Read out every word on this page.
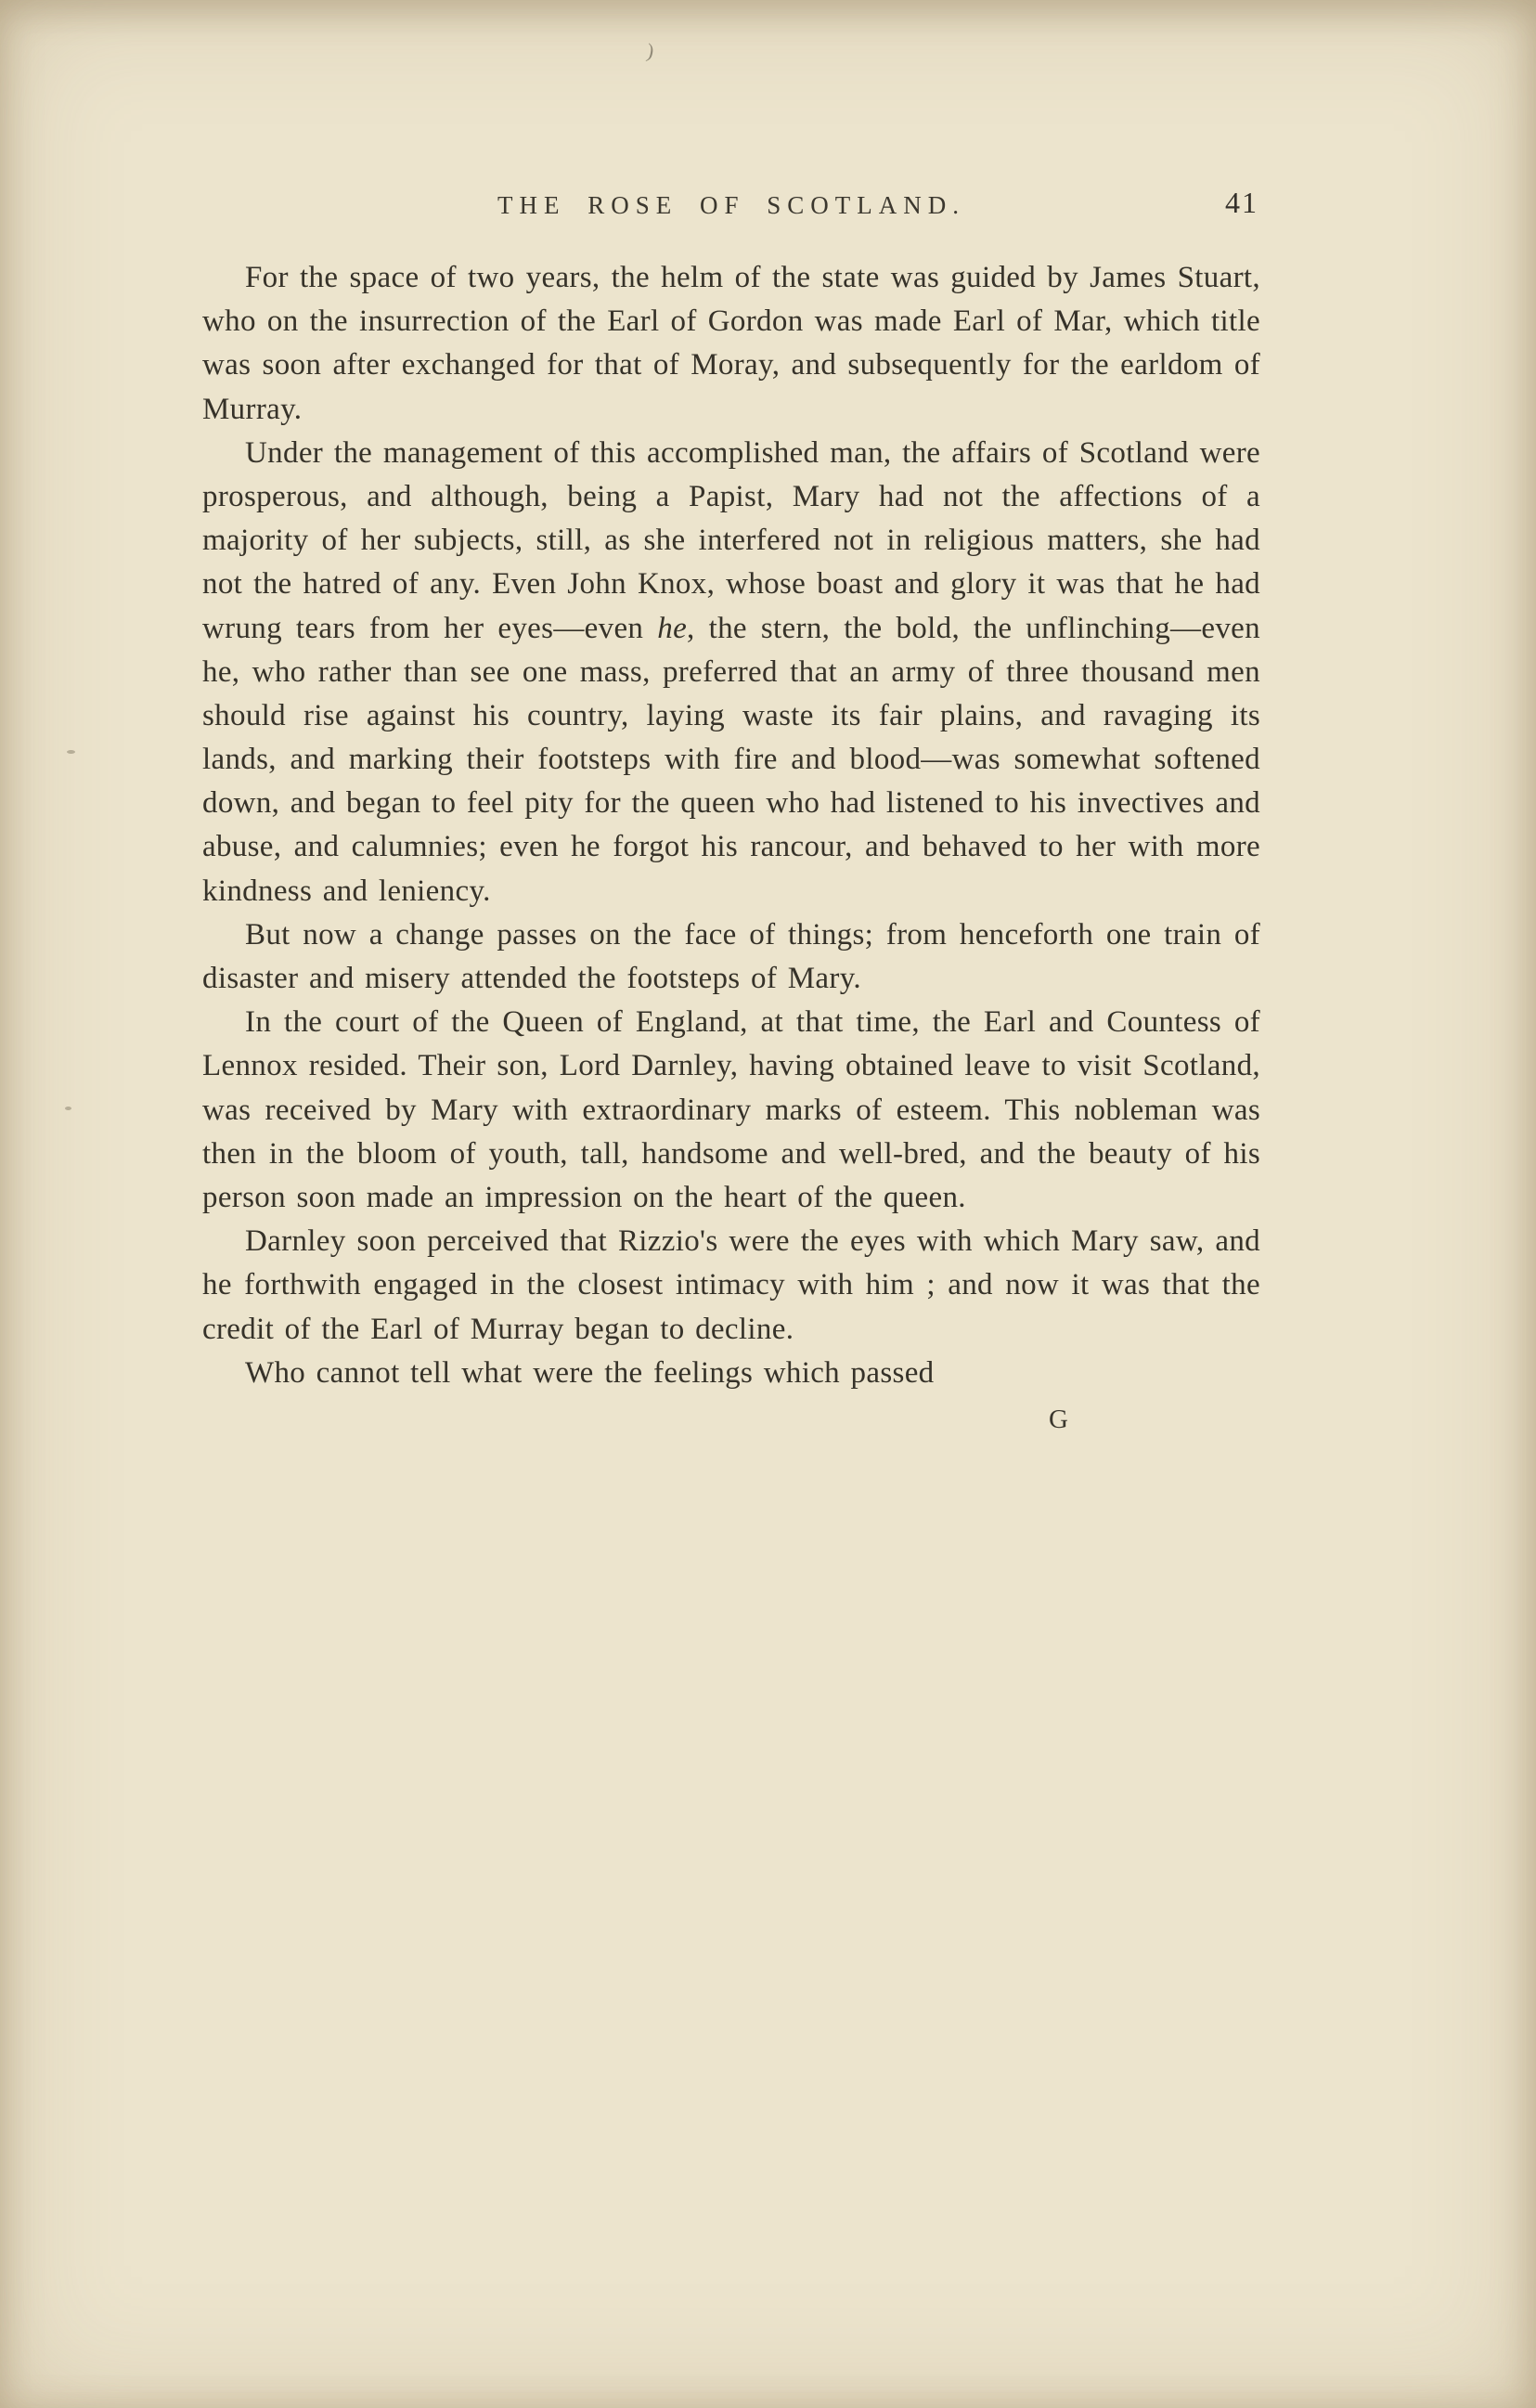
)
THE ROSE OF SCOTLAND.	41

For the space of two years, the helm of the state was guided by James Stuart, who on the insurrection of the Earl of Gordon was made Earl of Mar, which title was soon after exchanged for that of Moray, and subsequently for the earldom of Murray.

Under the management of this accomplished man, the affairs of Scotland were prosperous, and although, being a Papist, Mary had not the affections of a majority of her subjects, still, as she interfered not in religious matters, she had not the hatred of any. Even John Knox, whose boast and glory it was that he had wrung tears from her eyes—even he, the stern, the bold, the unflinching—even he, who rather than see one mass, preferred that an army of three thousand men should rise against his country, laying waste its fair plains, and ravaging its lands, and marking their footsteps with fire and blood—was somewhat softened down, and began to feel pity for the queen who had listened to his invectives and abuse, and calumnies; even he forgot his rancour, and behaved to her with more kindness and leniency.

But now a change passes on the face of things; from henceforth one train of disaster and misery attended the footsteps of Mary.

In the court of the Queen of England, at that time, the Earl and Countess of Lennox resided. Their son, Lord Darnley, having obtained leave to visit Scotland, was received by Mary with extraordinary marks of esteem. This nobleman was then in the bloom of youth, tall, handsome and well-bred, and the beauty of his person soon made an impression on the heart of the queen.

Darnley soon perceived that Rizzio's were the eyes with which Mary saw, and he forthwith engaged in the closest intimacy with him ; and now it was that the credit of the Earl of Murray began to decline.

Who cannot tell what were the feelings which passed

G
